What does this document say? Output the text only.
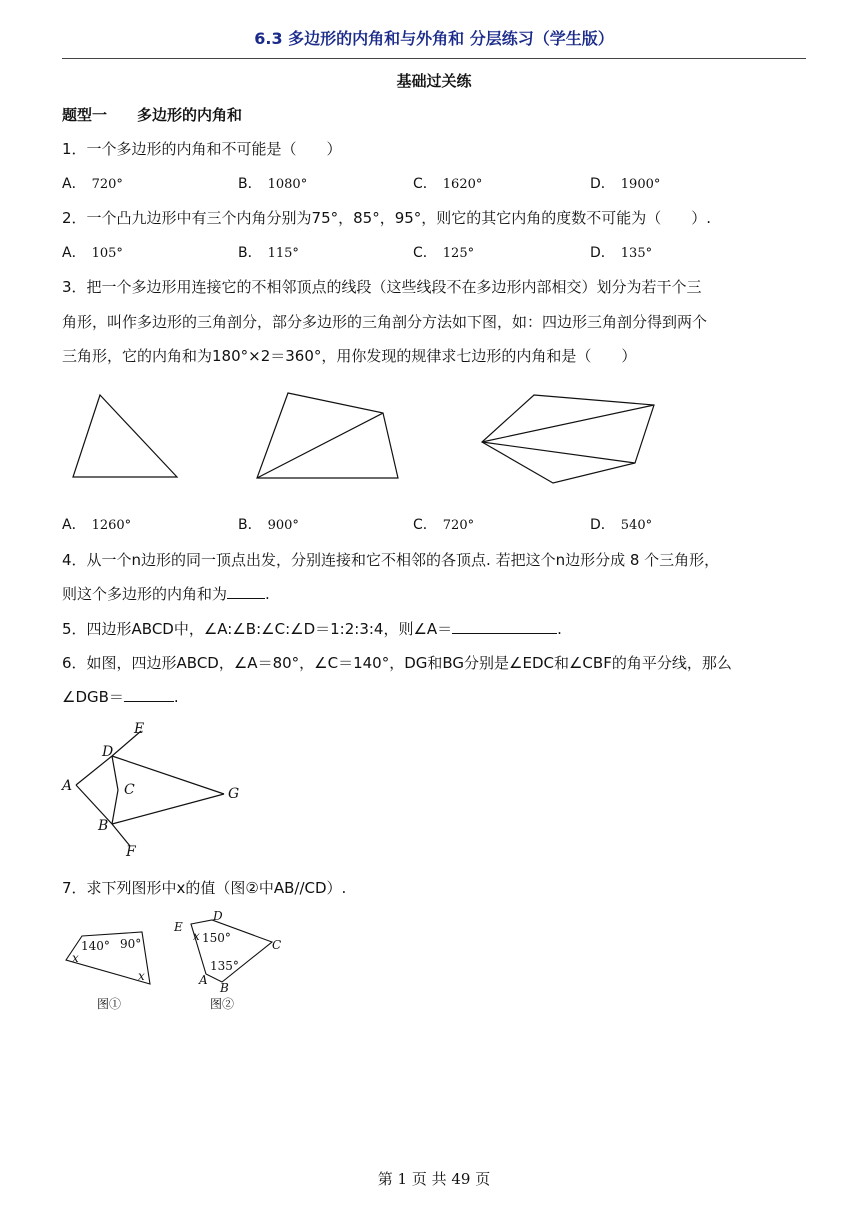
6.3 多边形的内角和与外角和 分层练习（学生版）
基础过关练
题型一　　多边形的内角和
1．一个多边形的内角和不可能是（　　）
A． 720°	B． 1080°	C． 1620°	D． 1900°
2．一个凸九边形中有三个内角分别为75°，85°，95°，则它的其它内角的度数不可能为（　　）.
A． 105°	B． 115°	C． 125°	D． 135°
3．把一个多边形用连接它的不相邻顶点的线段（这些线段不在多边形内部相交）划分为若干个三
角形，叫作多边形的三角剖分，部分多边形的三角剖分方法如下图，如：四边形三角剖分得到两个
三角形，它的内角和为180°×2＝360°，用你发现的规律求七边形的内角和是（　　）
A． 1260°	B． 900°	C． 720°	D． 540°
4．从一个n边形的同一顶点出发，分别连接和它不相邻的各顶点. 若把这个n边形分成 8 个三角形，
则这个多边形的内角和为	.
5．四边形ABCD中，∠A:∠B:∠C:∠D＝1:2:3:4，则∠A＝	.
6．如图，四边形ABCD，∠A＝80°，∠C＝140°，DG和BG分别是∠EDC和∠CBF的角平分线，那么
∠DGB＝	.
E
D
A	C	G
B
F
7．求下列图形中x的值（图②中AB//CD）.
140° 90°
x
x
图①
E
D
C
A
B
x 150°
135°
图②
第 1 页 共 49 页
